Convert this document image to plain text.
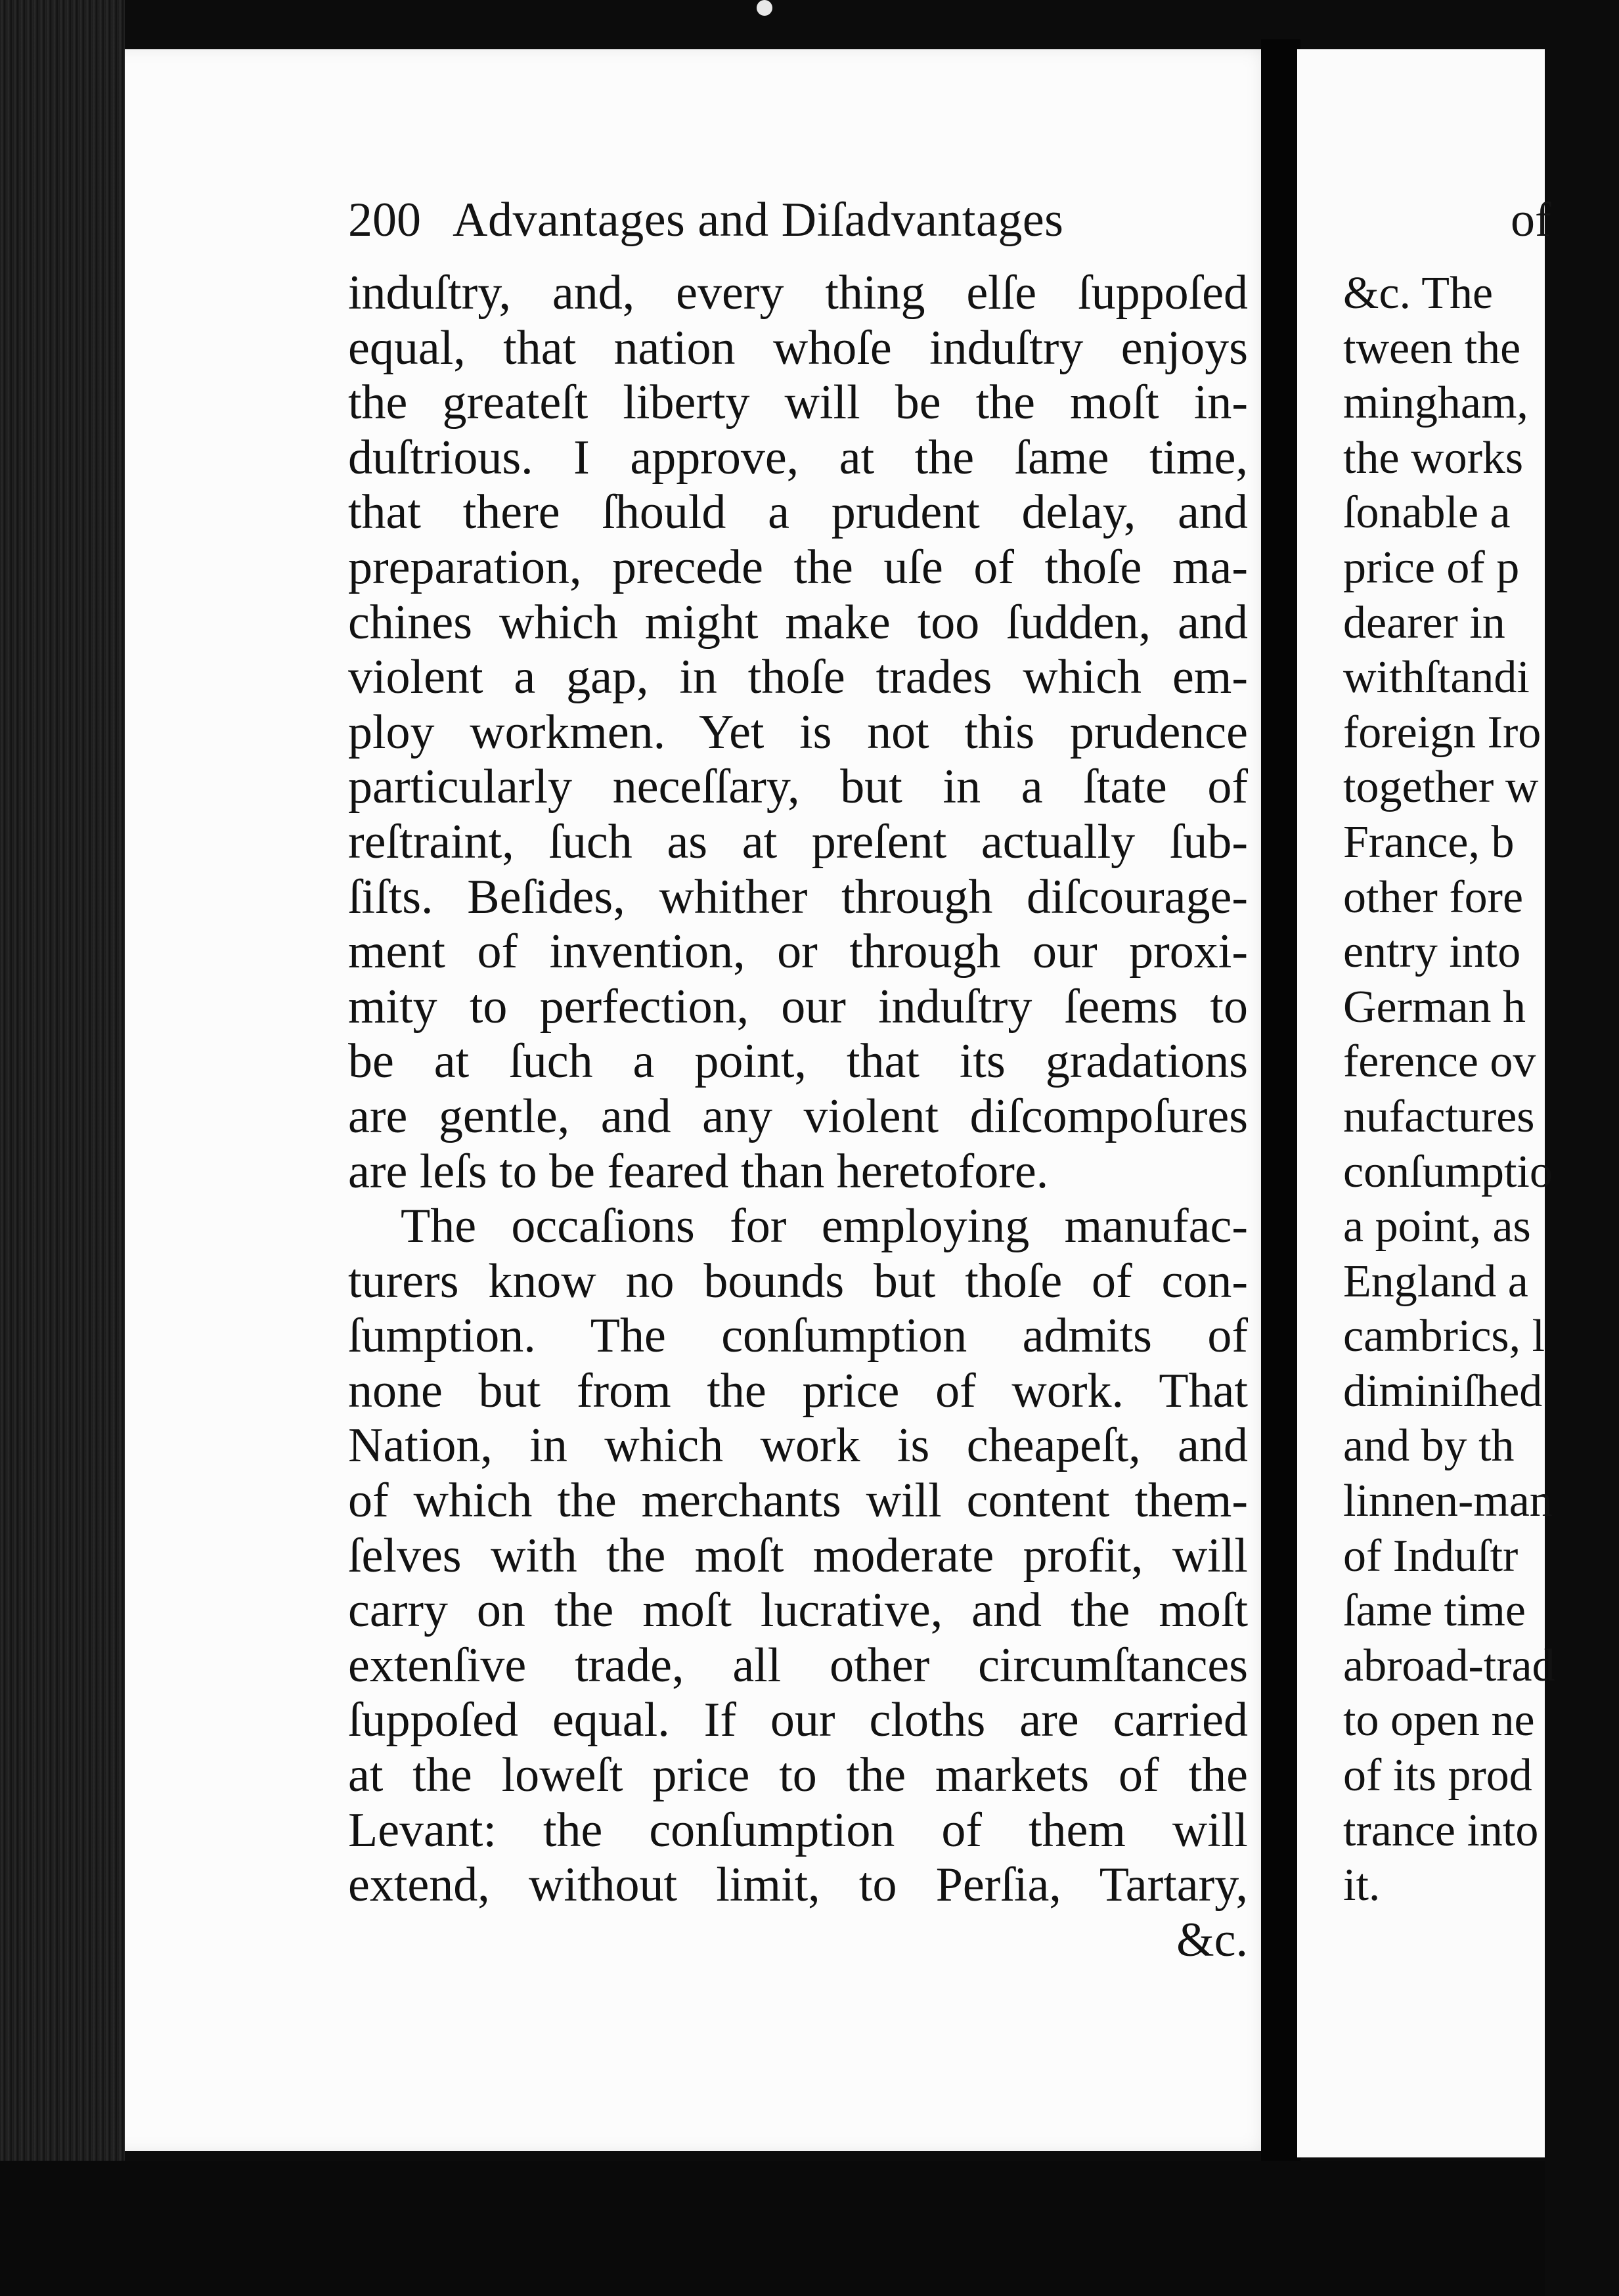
200 Advantages and Diſadvantages
induſtry, and, every thing elſe ſuppoſed
equal, that nation whoſe induſtry enjoys
the greateſt liberty will be the moſt in-
duſtrious. I approve, at the ſame time,
that there ſhould a prudent delay, and
preparation, precede the uſe of thoſe ma-
chines which might make too ſudden, and
violent a gap, in thoſe trades which em-
ploy workmen. Yet is not this prudence
particularly neceſſary, but in a ſtate of
reſtraint, ſuch as at preſent actually ſub-
ſiſts. Beſides, whither through diſcourage-
ment of invention, or through our proxi-
mity to perfection, our induſtry ſeems to
be at ſuch a point, that its gradations
are gentle, and any violent diſcompoſures
are leſs to be feared than heretofore.
The occaſions for employing manufac-
turers know no bounds but thoſe of con-
ſumption. The conſumption admits of
none but from the price of work. That
Nation, in which work is cheapeſt, and
of which the merchants will content them-
ſelves with the moſt moderate profit, will
carry on the moſt lucrative, and the moſt
extenſive trade, all other circumſtances
ſuppoſed equal. If our cloths are carried
at the loweſt price to the markets of the
Levant: the conſumption of them will
extend, without limit, to Perſia, Tartary,
&c.
of
&c. The
tween the
mingham,
the works
ſonable a
price of p
dearer in
withſtandi
foreign Iro
together w
France, b
other fore
entry into
German h
ference ov
nufactures
conſumptio
a point, as
England a
cambrics, l
diminiſhed
and by th
linnen-man
of Induſtr
ſame time
abroad-trad
to open ne
of its prod
trance into
it.
